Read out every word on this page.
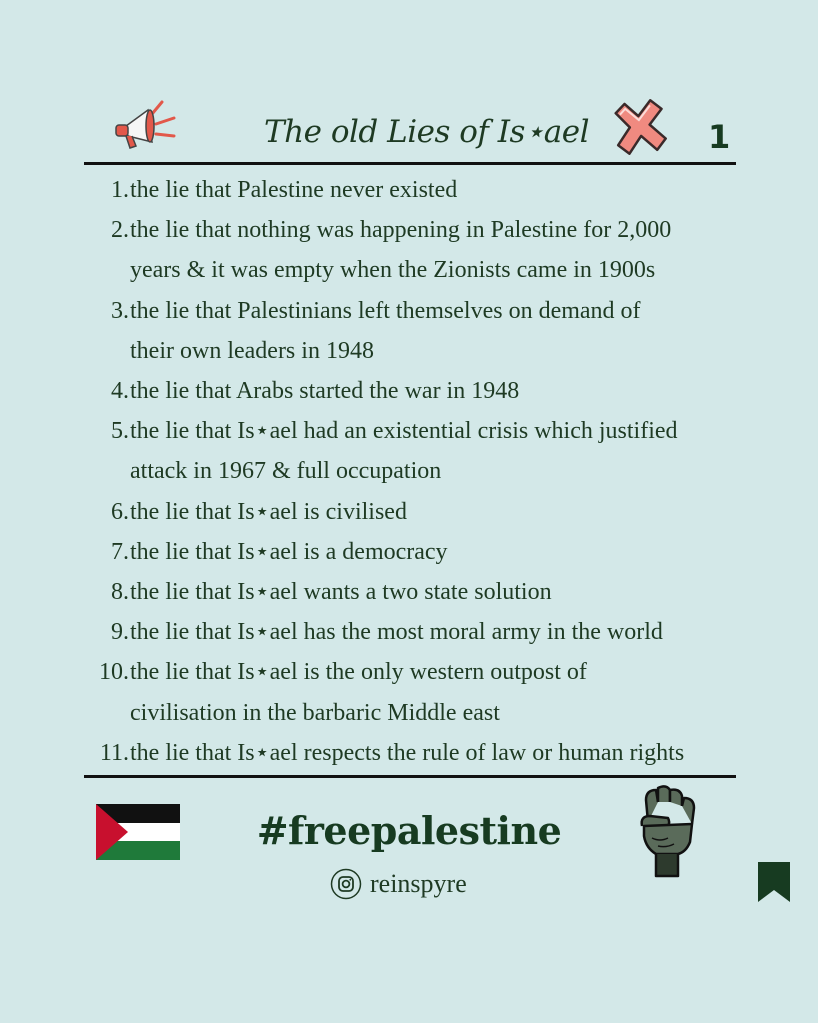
The old Lies of Is⋆ael	1
1. the lie that Palestine never existed
2. the lie that nothing was happening in Palestine for 2,000
years & it was empty when the Zionists came in 1900s
3. the lie that Palestinians left themselves on demand of
their own leaders in 1948
4. the lie that Arabs started the war in 1948
5. the lie that Is⋆ael had an existential crisis which justified
attack in 1967 & full occupation
6. the lie that Is⋆ael is civilised
7. the lie that Is⋆ael is a democracy
8. the lie that Is⋆ael wants a two state solution
9. the lie that Is⋆ael has the most moral army in the world
10. the lie that Is⋆ael is the only western outpost of
civilisation in the barbaric Middle east
11. the lie that Is⋆ael respects the rule of law or human rights
#freepalestine
reinspyre
